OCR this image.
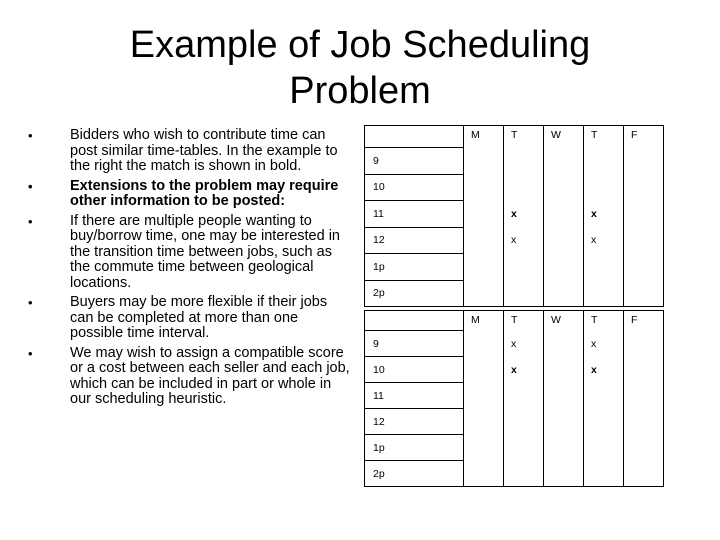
Example of Job Scheduling
Problem
• Bidders who wish to contribute time can post similar time-tables. In the example to the right the match is shown in bold.
• Extensions to the problem may require other information to be posted:
• If there are multiple people wanting to buy/borrow time, one may be interested in the transition time between jobs, such as the commute time between geological locations.
• Buyers may be more flexible if their jobs can be completed at more than one possible time interval.
• We may wish to assign a compatible score or a cost between each seller and each job, which can be included in part or whole in our scheduling heuristic.
	M	T	W	T	F
9					
10					
11		x		x	
12		x		x	
1p					
2p					
	M	T	W	T	F
9		x		x	
10		x		x	
11					
12					
1p					
2p					
